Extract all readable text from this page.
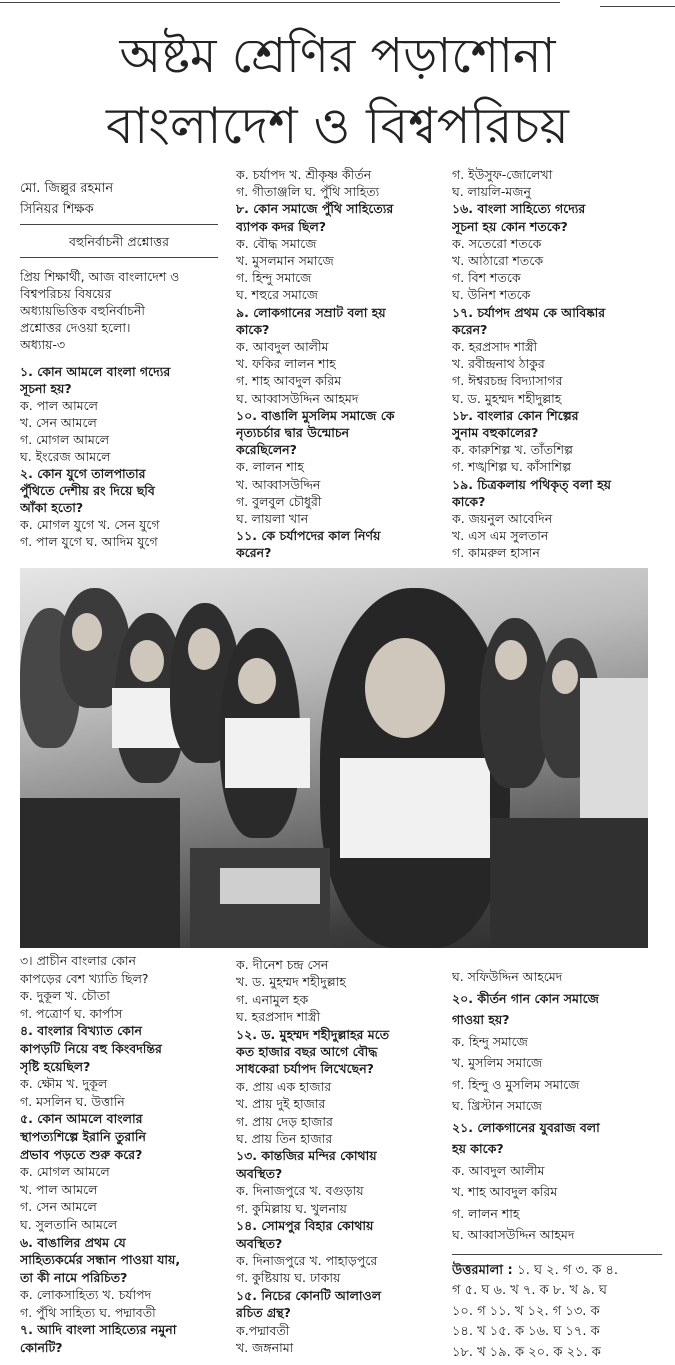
অষ্টম শ্রেণির পড়াশোনা
বাংলাদেশ ও বিশ্বপরিচয়
মো. জিল্লুর রহমান
সিনিয়র শিক্ষক
বহুনির্বাচনী প্রশ্নোত্তর
প্রিয় শিক্ষার্থী, আজ বাংলাদেশ ও
বিশ্বপরিচয় বিষয়ের
অধ্যায়ভিত্তিক বহুনির্বাচনী
প্রশ্নোত্তর দেওয়া হলো।
অধ্যায়-৩
১. কোন আমলে বাংলা গদ্যের
সূচনা হয়?
ক. পাল আমলে
খ. সেন আমলে
গ. মোগল আমলে
ঘ. ইংরেজ আমলে
২. কোন যুগে তালপাতার
পুঁথিতে দেশীয় রং দিয়ে ছবি
আঁকা হতো?
ক. মোগল যুগে খ. সেন যুগে
গ. পাল যুগে ঘ. আদিম যুগে
ক. চর্যাপদ খ. শ্রীকৃষ্ণ কীর্তন
গ. গীতাঞ্জলি ঘ. পুঁথি সাহিত্য
৮. কোন সমাজে পুঁথি সাহিত্যের
ব্যাপক কদর ছিল?
ক. বৌদ্ধ সমাজে
খ. মুসলমান সমাজে
গ. হিন্দু সমাজে
ঘ. শহুরে সমাজে
৯. লোকগানের সম্রাট বলা হয়
কাকে?
ক. আবদুল আলীম
খ. ফকির লালন শাহ
গ. শাহ আবদুল করিম
ঘ. আব্বাসউদ্দিন আহমদ
১০. বাঙালি মুসলিম সমাজে কে
নৃত্যচর্চার দ্বার উন্মোচন
করেছিলেন?
ক. লালন শাহ
খ. আব্বাসউদ্দিন
গ. বুলবুল চৌধুরী
ঘ. লায়লা খান
১১. কে চর্যাপদের কাল নির্ণয়
করেন?
গ. ইউসুফ-জোলেখা
ঘ. লায়লি-মজনু
১৬. বাংলা সাহিত্যে গদ্যের
সূচনা হয় কোন শতকে?
ক. সতেরো শতকে
খ. আঠারো শতকে
গ. বিশ শতকে
ঘ. উনিশ শতকে
১৭. চর্যাপদ প্রথম কে আবিষ্কার
করেন?
ক. হরপ্রসাদ শাস্ত্রী
খ. রবীন্দ্রনাথ ঠাকুর
গ. ঈশ্বরচন্দ্র বিদ্যাসাগর
ঘ. ড. মুহম্মদ শহীদুল্লাহ
১৮. বাংলার কোন শিল্পের
সুনাম বহুকালের?
ক. কারুশিল্প খ. তাঁতশিল্প
গ. শঙ্খশিল্প ঘ. কাঁসাশিল্প
১৯. চিত্রকলায় পথিকৃত্ বলা হয়
কাকে?
ক. জয়নুল আবেদিন
খ. এস এম সুলতান
গ. কামরুল হাসান
৩। প্রাচীন বাংলার কোন
কাপড়ের বেশ খ্যাতি ছিল?
ক. দুকূল খ. চৌতা
গ. পত্রোর্ণ ঘ. কার্পাস
৪. বাংলার বিখ্যাত কোন
কাপড়টি নিয়ে বহু কিংবদন্তির
সৃষ্টি হয়েছিল?
ক. ক্ষৌম খ. দুকূল
গ. মসলিন ঘ. উত্তানি
৫. কোন আমলে বাংলার
স্থাপত্যশিল্পে ইরানি তুরানি
প্রভাব পড়তে শুরু করে?
ক. মোগল আমলে
খ. পাল আমলে
গ. সেন আমলে
ঘ. সুলতানি আমলে
৬. বাঙালির প্রথম যে
সাহিত্যকর্মের সন্ধান পাওয়া যায়,
তা কী নামে পরিচিত?
ক. লোকসাহিত্য খ. চর্যাপদ
গ. পুঁথি সাহিত্য ঘ. পদ্মাবতী
৭. আদি বাংলা সাহিত্যের নমুনা
কোনটি?
ক. দীনেশ চন্দ্র সেন
খ. ড. মুহম্মদ শহীদুল্লাহ
গ. এনামুল হক
ঘ. হরপ্রসাদ শাস্ত্রী
১২. ড. মুহম্মদ শহীদুল্লাহর মতে
কত হাজার বছর আগে বৌদ্ধ
সাধকেরা চর্যাপদ লিখেছেন?
ক. প্রায় এক হাজার
খ. প্রায় দুই হাজার
গ. প্রায় দেড় হাজার
ঘ. প্রায় তিন হাজার
১৩. কান্তজির মন্দির কোথায়
অবস্থিত?
ক. দিনাজপুরে খ. বগুড়ায়
গ. কুমিল্লায় ঘ. খুলনায়
১৪. সোমপুর বিহার কোথায়
অবস্থিত?
ক. দিনাজপুরে খ. পাহাড়পুরে
গ. কুষ্টিয়ায় ঘ. ঢাকায়
১৫. নিচের কোনটি আলাওল
রচিত গ্রন্থ?
ক.পদ্মাবতী
খ. জঙ্গনামা
ঘ. সফিউদ্দিন আহমেদ
২০. কীর্তন গান কোন সমাজে
গাওয়া হয়?
ক. হিন্দু সমাজে
খ. মুসলিম সমাজে
গ. হিন্দু ও মুসলিম সমাজে
ঘ. খ্রিস্টান সমাজে
২১. লোকগানের যুবরাজ বলা
হয় কাকে?
ক. আবদুল আলীম
খ. শাহ আবদুল করিম
গ. লালন শাহ
ঘ. আব্বাসউদ্দিন আহমদ
উত্তরমালা : ১. ঘ ২. গ ৩. ক ৪.
গ ৫. ঘ ৬. খ ৭. ক ৮. খ ৯. ঘ
১০. গ ১১. খ ১২. গ ১৩. ক
১৪. খ ১৫. ক ১৬. ঘ ১৭. ক
১৮. খ ১৯. ক ২০. ক ২১. ক
